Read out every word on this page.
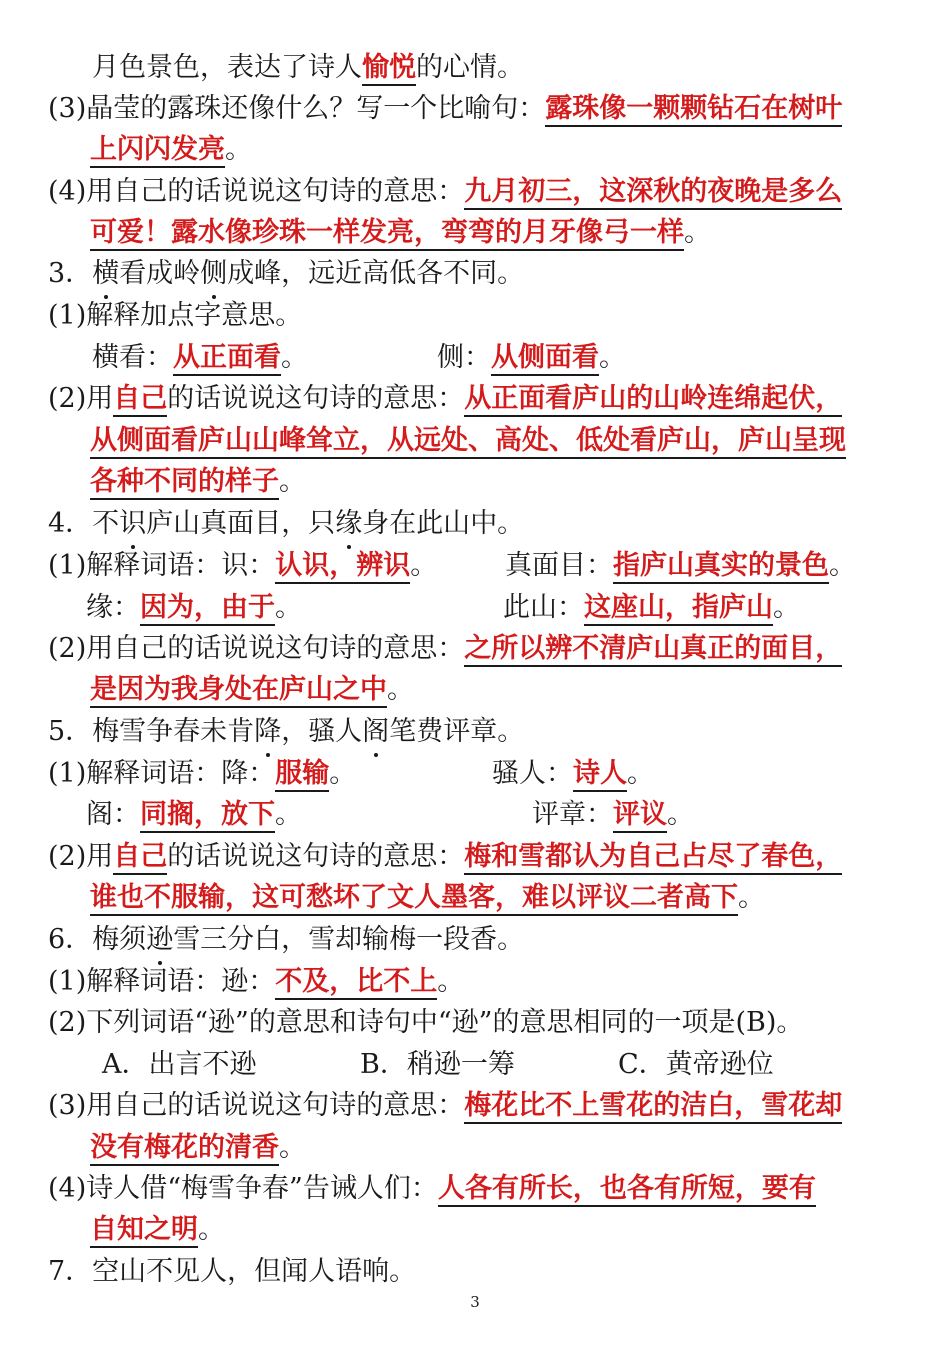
月色景色，表达了诗人愉悦的心情。
(3)晶莹的露珠还像什么？写一个比喻句：露珠像一颗颗钻石在树叶
上闪闪发亮。
(4)用自己的话说说这句诗的意思：九月初三，这深秋的夜晚是多么
可爱！露水像珍珠一样发亮，弯弯的月牙像弓一样。
3．横看成岭侧成峰，远近高低各不同。
(1)解释加点字意思。
横看：从正面看。	侧：从侧面看。
(2)用自己的话说说这句诗的意思：从正面看庐山的山岭连绵起伏，
从侧面看庐山山峰耸立，从远处、高处、低处看庐山，庐山呈现
各种不同的样子。
4．不识庐山真面目，只缘身在此山中。
(1)解释词语：识：认识，辨识。	真面目：指庐山真实的景色。
缘：因为，由于。	此山：这座山，指庐山。
(2)用自己的话说说这句诗的意思：之所以辨不清庐山真正的面目，
是因为我身处在庐山之中。
5．梅雪争春未肯降，骚人阁笔费评章。
(1)解释词语：降：服输。	骚人：诗人。
阁：同搁，放下。	评章：评议。
(2)用自己的话说说这句诗的意思：梅和雪都认为自己占尽了春色，
谁也不服输，这可愁坏了文人墨客，难以评议二者高下。
6．梅须逊雪三分白，雪却输梅一段香。
(1)解释词语：逊：不及，比不上。
(2)下列词语“逊”的意思和诗句中“逊”的意思相同的一项是(B)。
A．出言不逊	B．稍逊一筹	C．黄帝逊位
(3)用自己的话说说这句诗的意思：梅花比不上雪花的洁白，雪花却
没有梅花的清香。
(4)诗人借“梅雪争春”告诫人们：人各有所长，也各有所短，要有
自知之明。
7．空山不见人，但闻人语响。
3
